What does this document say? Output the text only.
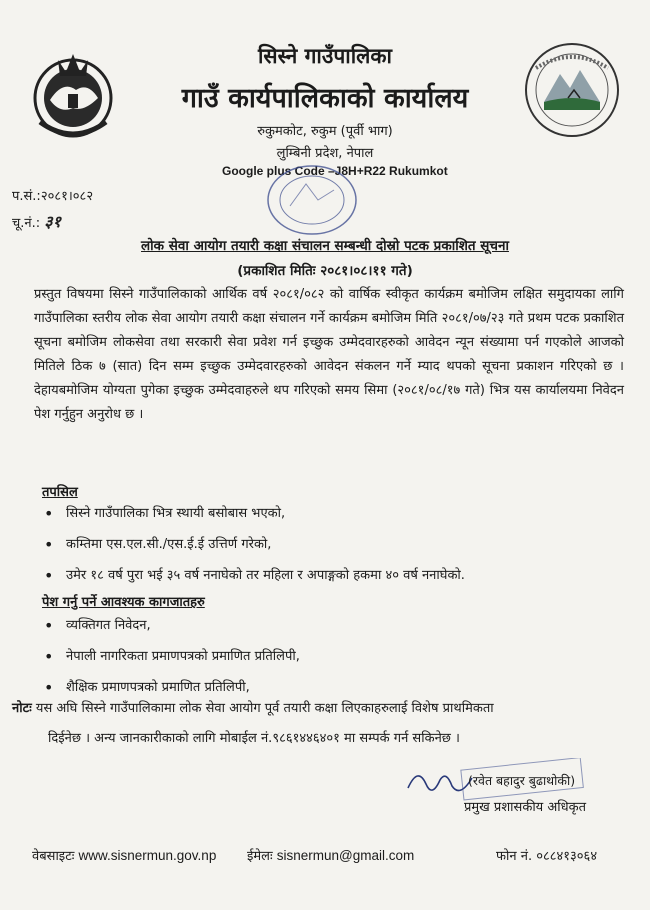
सिस्ने गाउँपालिका
गाउँ कार्यपालिकाको कार्यालय
रुकुमकोट, रुकुम (पूर्वी भाग)
लुम्बिनी प्रदेश, नेपाल
Google plus Code –J8H+R22 Rukumkot
प.सं.:२०८१।०८२
चू.नं.: ३१
लोक सेवा आयोग तयारी कक्षा संचालन सम्बन्धी दोस्रो पटक प्रकाशित सूचना
(प्रकाशित मितिः २०८१।०८।११ गते)
प्रस्तुत विषयमा सिस्ने गाउँपालिकाको आर्थिक वर्ष २०८१/०८२ को वार्षिक स्वीकृत कार्यक्रम बमोजिम लक्षित समुदायका लागि गाउँपालिका स्तरीय लोक सेवा आयोग तयारी कक्षा संचालन गर्ने कार्यक्रम बमोजिम मिति २०८१/०७/२३ गते प्रथम पटक प्रकाशित सूचना बमोजिम लोकसेवा तथा सरकारी सेवा प्रवेश गर्न इच्छुक उम्मेदवारहरुको आवेदन न्यून संख्यामा पर्न गएकोले आजको मितिले ठिक ७ (सात) दिन सम्म इच्छुक उम्मेदवारहरुको आवेदन संकलन गर्ने म्याद थपको सूचना प्रकाशन गरिएको छ । देहायबमोजिम योग्यता पुगेका इच्छुक उम्मेदवाहरुले थप गरिएको समय सिमा (२०८१/०८/१७ गते) भित्र यस कार्यालयमा निवेदन पेश गर्नुहुन अनुरोध छ ।
तपसिल
• सिस्ने गाउँपालिका भित्र स्थायी बसोबास भएको,
• कम्तिमा एस.एल.सी./एस.ई.ई उत्तिर्ण गरेको,
• उमेर १८ वर्ष पुरा भई ३५ वर्ष ननाघेको तर महिला र अपाङ्गको हकमा ४० वर्ष ननाघेको.
पेश गर्नु पर्ने आवश्यक कागजातहरु
• व्यक्तिगत निवेदन,
• नेपाली नागरिकता प्रमाणपत्रको प्रमाणित प्रतिलिपी,
• शैक्षिक प्रमाणपत्रको प्रमाणित प्रतिलिपी,
नोटः यस अघि सिस्ने गाउँपालिकामा लोक सेवा आयोग पूर्व तयारी कक्षा लिएकाहरुलाई विशेष प्राथमिकता
दिईनेछ । अन्य जानकारीकाको लागि मोबाईल नं.९८६१४४६४०१ मा सम्पर्क गर्न सकिनेछ ।
(रवेत बहादुर बुढाथोकी)
प्रमुख प्रशासकीय अधिकृत
वेबसाइटः www.sisnermun.gov.np ईमेलः sisnermun@gmail.com	फोन नं. ०८८४१३०६४
